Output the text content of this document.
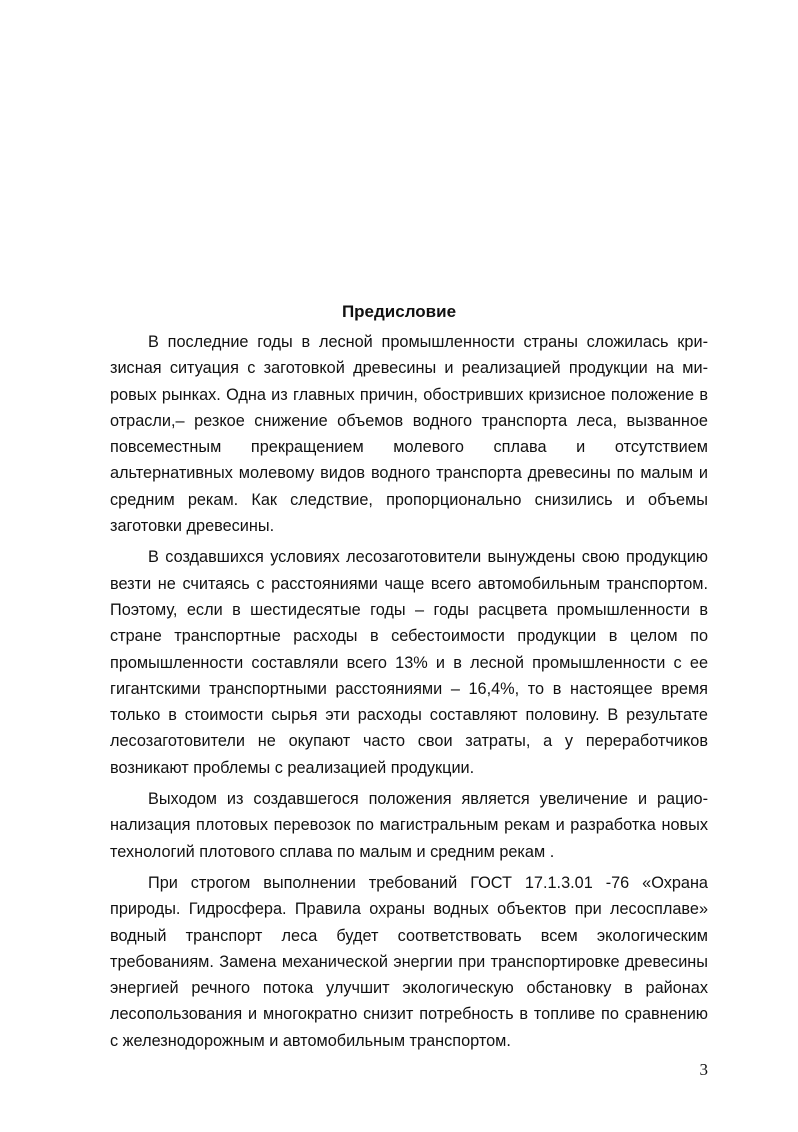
Предисловие

В последние годы в лесной промышленности страны сложилась кризисная ситуация с заготовкой древесины и реализацией продукции на мировых рынках. Одна из главных причин, обостривших кризисное положение в отрасли,– резкое снижение объемов водного транспорта леса, вызванное повсеместным прекращением молевого сплава и отсутствием альтернативных молевому видов водного транспорта древесины по малым и средним рекам. Как следствие, пропорционально снизились и объемы заготовки древесины.

В создавшихся условиях лесозаготовители вынуждены свою продукцию везти не считаясь с расстояниями чаще всего автомобильным транспортом. Поэтому, если в шестидесятые годы – годы расцвета промышленности в стране транспортные расходы в себестоимости продукции в целом по промышленности составляли всего 13% и в лесной промышленности с ее гигантскими транспортными расстояниями – 16,4%, то в настоящее время только в стоимости сырья эти расходы составляют половину. В результате лесозаготовители не окупают часто свои затраты, а у переработчиков возникают проблемы с реализацией продукции.

Выходом из создавшегося положения является увеличение и рационализация плотовых перевозок по магистральным рекам и разработка новых технологий плотового сплава по малым и средним рекам .

При строгом выполнении требований ГОСТ 17.1.3.01 -76 «Охрана природы. Гидросфера. Правила охраны водных объектов при лесосплаве» водный транспорт леса будет соответствовать всем экологическим требованиям. Замена механической энергии при транспортировке древесины энергией речного потока улучшит экологическую обстановку в районах лесопользования и многократно снизит потребность в топливе по сравнению с железнодорожным и автомобильным транспортом.

3
